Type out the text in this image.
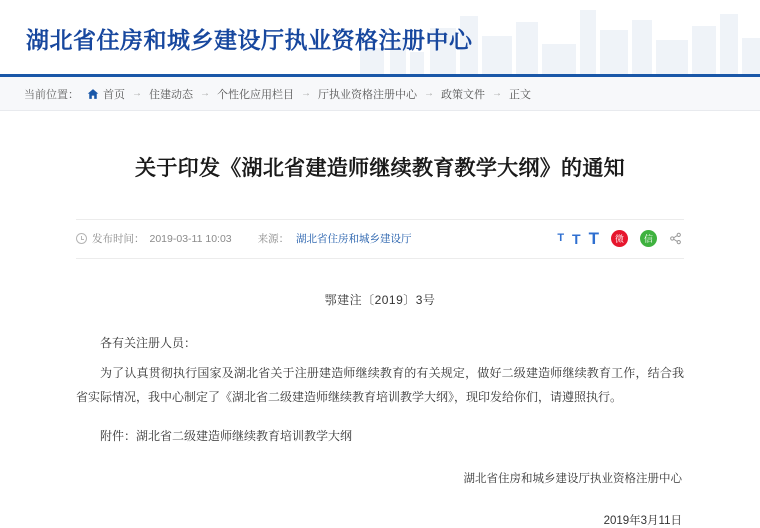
湖北省住房和城乡建设厅执业资格注册中心
当前位置： 首页 → 住建动态 → 个性化应用栏目 → 厅执业资格注册中心 → 政策文件 → 正文
关于印发《湖北省建造师继续教育教学大纲》的通知
发布时间： 2019-03-11 10:03 来源： 湖北省住房和城乡建设厅	T T T	微	信
鄂建注〔2019〕3号
各有关注册人员：

为了认真贯彻执行国家及湖北省关于注册建造师继续教育的有关规定，做好二级建造师继续教育工作，结合我省实际情况，我中心制定了《湖北省二级建造师继续教育培训教学大纲》，现印发给你们，请遵照执行。

附件：湖北省二级建造师继续教育培训教学大纲
湖北省住房和城乡建设厅执业资格注册中心
2019年3月11日
